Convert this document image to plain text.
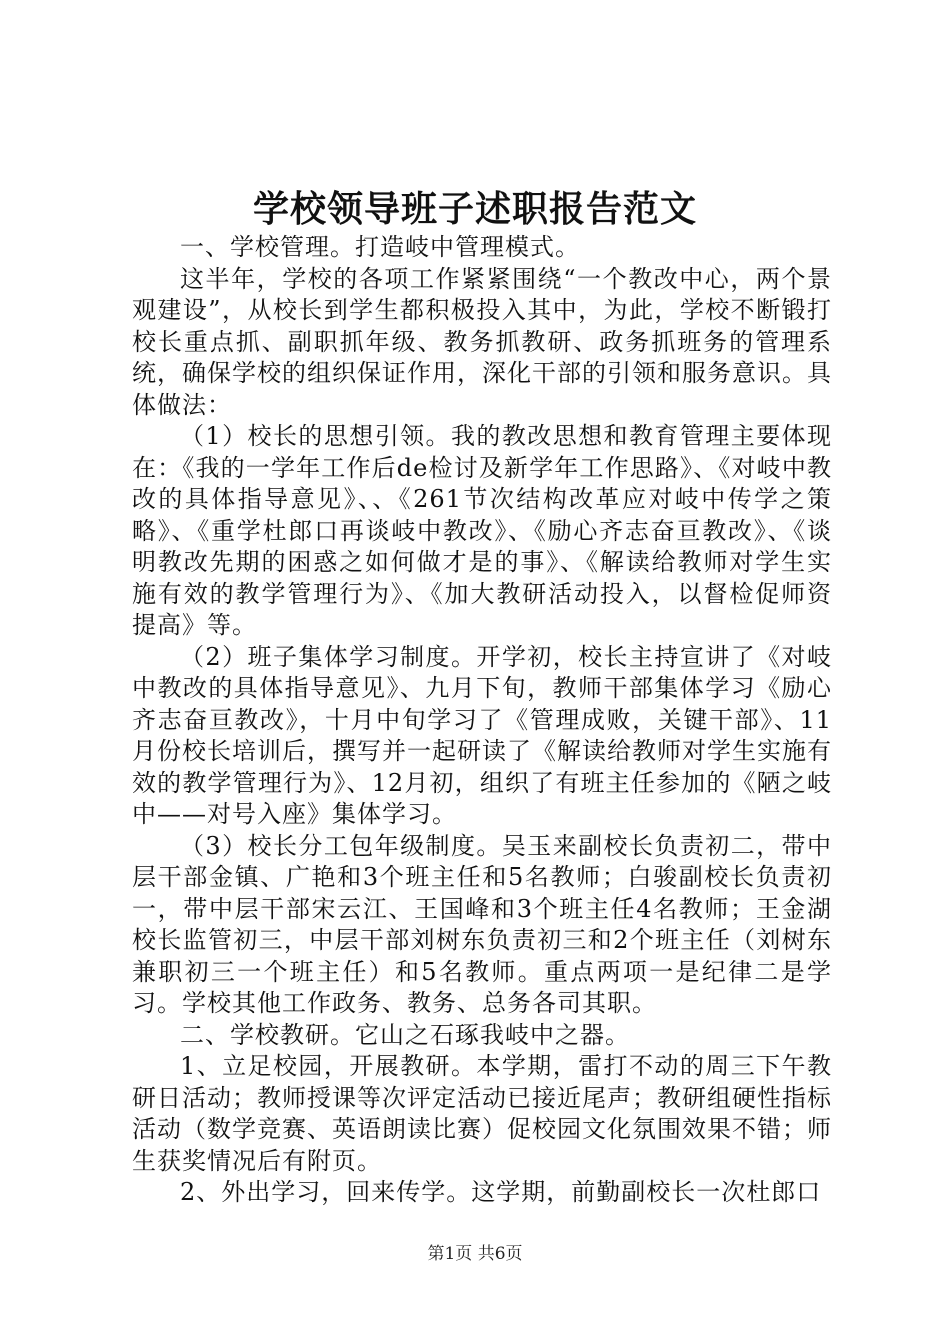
学校领导班子述职报告范文

一、学校管理。打造岐中管理模式。

这半年，学校的各项工作紧紧围绕“一个教改中心，两个景观建设”，从校长到学生都积极投入其中，为此，学校不断锻打校长重点抓、副职抓年级、教务抓教研、政务抓班务的管理系统，确保学校的组织保证作用，深化干部的引领和服务意识。具体做法：

（1）校长的思想引领。我的教改思想和教育管理主要体现在：《我的一学年工作后de检讨及新学年工作思路》、《对岐中教改的具体指导意见》、、《261节次结构改革应对岐中传学之策略》、《重学杜郎口再谈岐中教改》、《励心齐志奋亘教改》、《谈明教改先期的困惑之如何做才是的事》、《解读给教师对学生实施有效的教学管理行为》、《加大教研活动投入，以督检促师资提高》等。

（2）班子集体学习制度。开学初，校长主持宣讲了《对岐中教改的具体指导意见》、九月下旬，教师干部集体学习《励心齐志奋亘教改》，十月中旬学习了《管理成败，关键干部》、11月份校长培训后，撰写并一起研读了《解读给教师对学生实施有效的教学管理行为》、12月初，组织了有班主任参加的《陋之岐中——对号入座》集体学习。

（3）校长分工包年级制度。吴玉来副校长负责初二，带中层干部金镇、广艳和3个班主任和5名教师；白骏副校长负责初一，带中层干部宋云江、王国峰和3个班主任4名教师；王金湖校长监管初三，中层干部刘树东负责初三和2个班主任（刘树东兼职初三一个班主任）和5名教师。重点两项一是纪律二是学习。学校其他工作政务、教务、总务各司其职。

二、学校教研。它山之石琢我岐中之器。

1、立足校园，开展教研。本学期，雷打不动的周三下午教研日活动；教师授课等次评定活动已接近尾声；教研组硬性指标活动（数学竞赛、英语朗读比赛）促校园文化氛围效果不错；师生获奖情况后有附页。

2、外出学习，回来传学。这学期，前勤副校长一次杜郎口

第1页 共6页
